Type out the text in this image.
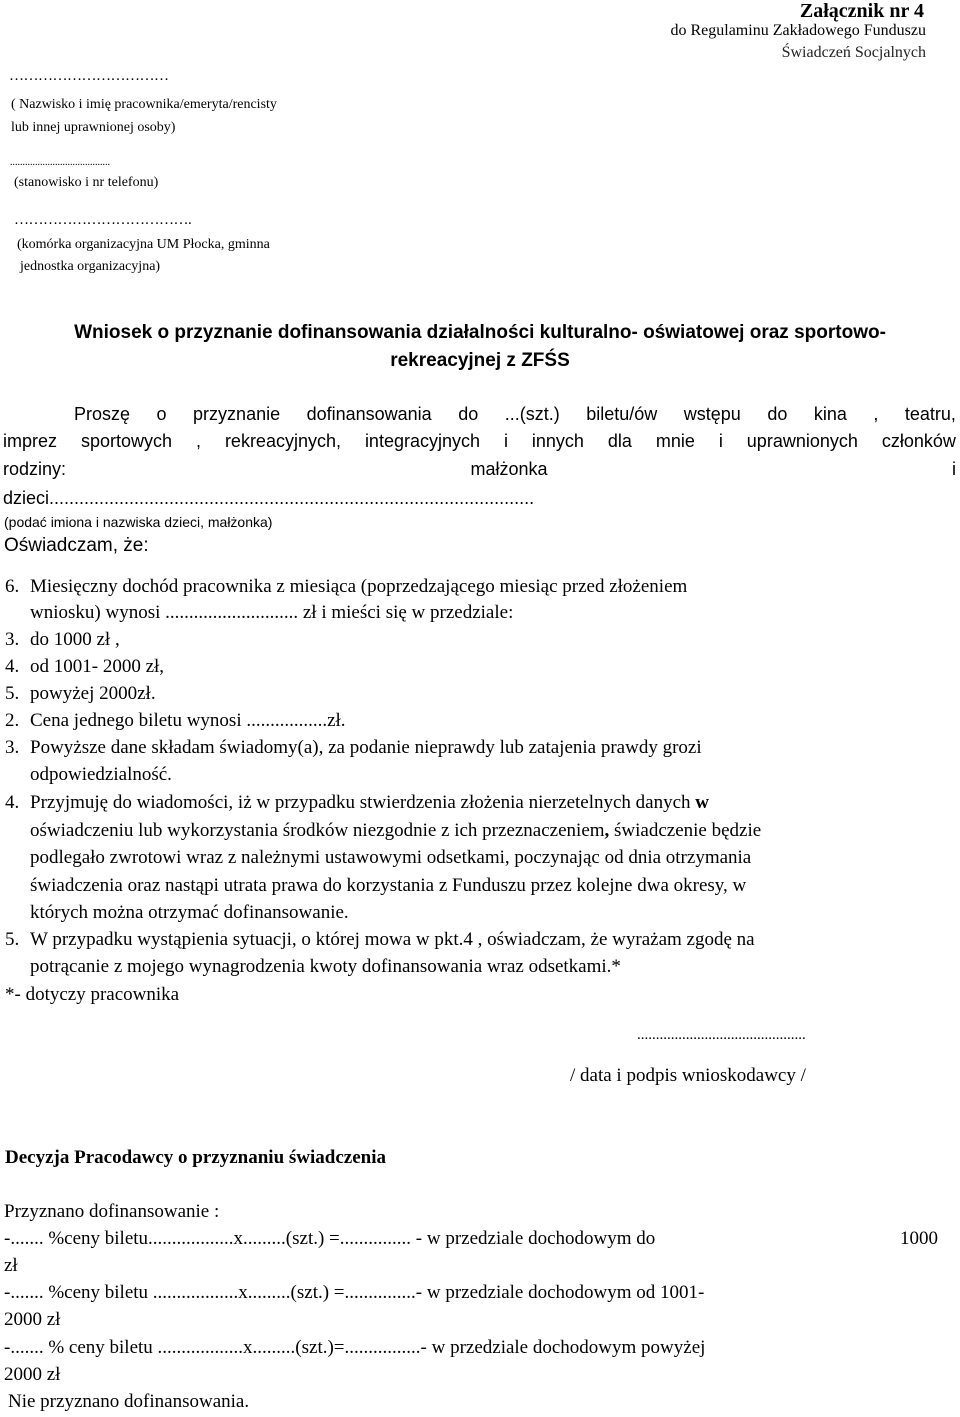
Załącznik nr 4
do Regulaminu Zakładowego Funduszu
Świadczeń Socjalnych
……………………………
( Nazwisko i imię pracownika/emeryta/rencisty
lub innej uprawnionej osoby)
........................................
(stanowisko i nr telefonu)
……………………………….
(komórka organizacyjna UM Płocka, gminna
jednostka organizacyjna)
Wniosek o przyznanie dofinansowania działalności kulturalno- oświatowej oraz sportowo-
rekreacyjnej z ZFŚS
Proszę o przyznanie dofinansowania do ...(szt.) biletu/ów wstępu do kina , teatru,
imprez sportowych , rekreacyjnych, integracyjnych i innych dla mnie i uprawnionych członków
rodziny:	małżonka	i
dzieci.................................................................................................
(podać imiona i nazwiska dzieci, małżonka)
Oświadczam, że:
6. Miesięczny dochód pracownika z miesiąca (poprzedzającego miesiąc przed złożeniem
wniosku) wynosi ............................ zł i mieści się w przedziale:
3. do 1000 zł ,
4. od 1001- 2000 zł,
5. powyżej 2000zł.
2. Cena jednego biletu wynosi .................zł.
3. Powyższe dane składam świadomy(a), za podanie nieprawdy lub zatajenia prawdy grozi
odpowiedzialność.
4. Przyjmuję do wiadomości, iż w przypadku stwierdzenia złożenia nierzetelnych danych w
oświadczeniu lub wykorzystania środków niezgodnie z ich przeznaczeniem, świadczenie będzie
podlegało zwrotowi wraz z należnymi ustawowymi odsetkami, poczynając od dnia otrzymania
świadczenia oraz nastąpi utrata prawa do korzystania z Funduszu przez kolejne dwa okresy, w
których można otrzymać dofinansowanie.
5. W przypadku wystąpienia sytuacji, o której mowa w pkt.4 , oświadczam, że wyrażam zgodę na
potrącanie z mojego wynagrodzenia kwoty dofinansowania wraz odsetkami.*
*- dotyczy pracownika
.............................................
/ data i podpis wnioskodawcy /
Decyzja Pracodawcy o przyznaniu świadczenia
Przyznano dofinansowanie :
-....... %ceny biletu..................x.........(szt.) =............... - w przedziale dochodowym do	1000
zł
-....... %ceny biletu ..................x.........(szt.) =...............- w przedziale dochodowym od 1001-
2000 zł
-....... % ceny biletu ..................x.........(szt.)=................- w przedziale dochodowym powyżej
2000 zł
Nie przyznano dofinansowania.
